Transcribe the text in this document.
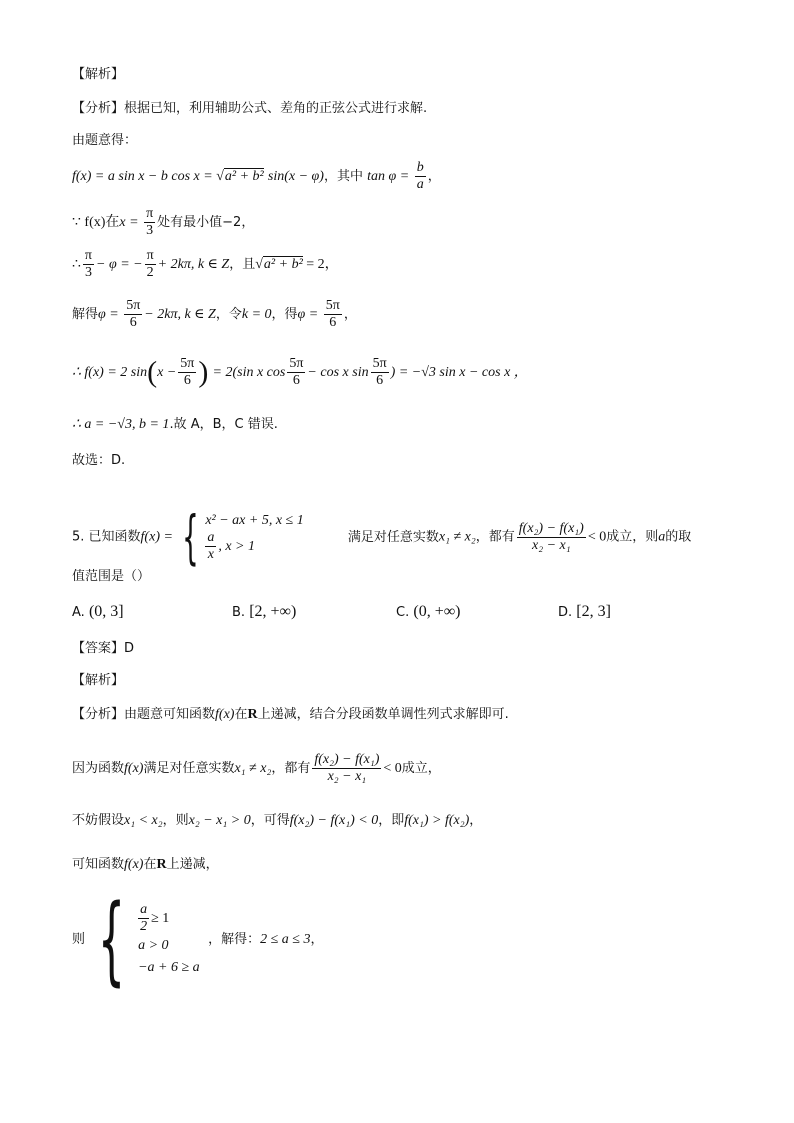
【解析】
【分析】根据已知，利用辅助公式、差角的正弦公式进行求解.
由题意得：
f(x) = a sin x − b cos x = √a² + b² sin(x − φ)，其中 $\tan \varphi = \frac{b}{a}$ ，
∵ f(x)在$x = \frac{\pi}{3}$ 处有最小值−2，
∴ $\frac{\pi}{3} - \varphi$ = − $\frac{\pi}{2} + 2k\pi$, k ∈ Z，且√a² + b² = 2，
解得$\varphi = \frac{5\pi}{6} - 2k\pi$, k ∈ Z，令k = 0，得$\varphi = \frac{5\pi}{6}$ ，
∴ f(x) = 2 $\sin(x - \frac{5\pi}{6}$ ) = 2(sin x $\cos \frac{5\pi}{6} - \cos x$ $\sin \frac{5\pi}{6}$ ) = −√3 sin x − cos x ，
∴ a = −√3, b = 1.故 A，B，C 错误.
故选：D.
5. 已知函数f(x) = { x² − ax + 5, x ≤ 1
$\frac{a}{x}$ , x > 1
满足对任意实数x₁ ≠ x₂，都有 $\frac{\text{f(x₂) − f(x₁)}}{\text{x₂ − x₁}} < 0$成立，则a的取
值范围是（）
A. (0, 3]	B. [2, +∞)	C. (0, +∞)	D. [2, 3]
【答案】D
【解析】
【分析】由题意可知函数f(x)在R上递减，结合分段函数单调性列式求解即可.
因为函数f(x)满足对任意实数x₁ ≠ x₂，都有 $\frac{\text{f(x₂) − f(x₁)}}{\text{x₂ − x₁}} < 0$成立，
不妨假设x₁ < x₂，则x₂ − x₁ > 0，可得f(x₂) − f(x₁) < 0，即f(x₁) > f(x₂)，
可知函数f(x)在R上递减，
则 { $\frac{a}{2} \ge 1$
a > 0
−a + 6 ≥ a
，解得： 2 ≤ a ≤ 3 ，
